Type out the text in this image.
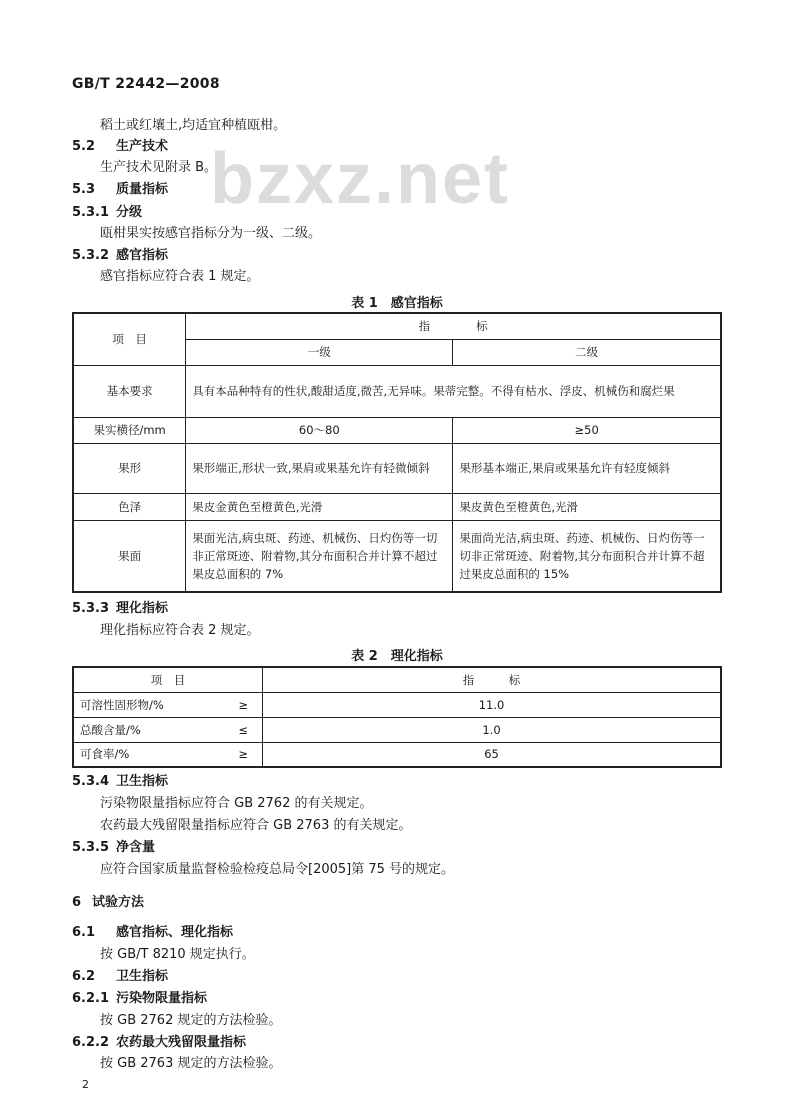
GB/T 22442—2008
bzxz.net
稻土或红壤土,均适宜种植瓯柑。
5.2 生产技术
生产技术见附录 B。
5.3 质量指标
5.3.1 分级
瓯柑果实按感官指标分为一级、二级。
5.3.2 感官指标
感官指标应符合表 1 规定。
表 1　感官指标
项　目	指　　　　标	
	一级	二级
基本要求	具有本品种特有的性状,酸甜适度,微苦,无异味。果蒂完整。不得有枯水、浮皮、机械伤和腐烂果	
果实横径/mm	60～80	≥50
果形	果形端正,形状一致,果肩或果基允许有轻微倾斜	果形基本端正,果肩或果基允许有轻度倾斜
色泽	果皮金黄色至橙黄色,光滑	果皮黄色至橙黄色,光滑
果面	果面光洁,病虫斑、药迹、机械伤、日灼伤等一切非正常斑迹、附着物,其分布面积合并计算不超过果皮总面积的 7%	果面尚光洁,病虫斑、药迹、机械伤、日灼伤等一切非正常斑迹、附着物,其分布面积合并计算不超过果皮总面积的 15%
5.3.3 理化指标
理化指标应符合表 2 规定。
表 2　理化指标
项　目		指　　　标
可溶性固形物/%	≥	11.0
总酸含量/%	≤	1.0
可食率/%	≥	65
5.3.4 卫生指标
污染物限量指标应符合 GB 2762 的有关规定。
农药最大残留限量指标应符合 GB 2763 的有关规定。
5.3.5 净含量
应符合国家质量监督检验检疫总局令[2005]第 75 号的规定。
6 试验方法
6.1 感官指标、理化指标
按 GB/T 8210 规定执行。
6.2 卫生指标
6.2.1 污染物限量指标
按 GB 2762 规定的方法检验。
6.2.2 农药最大残留限量指标
按 GB 2763 规定的方法检验。
2
